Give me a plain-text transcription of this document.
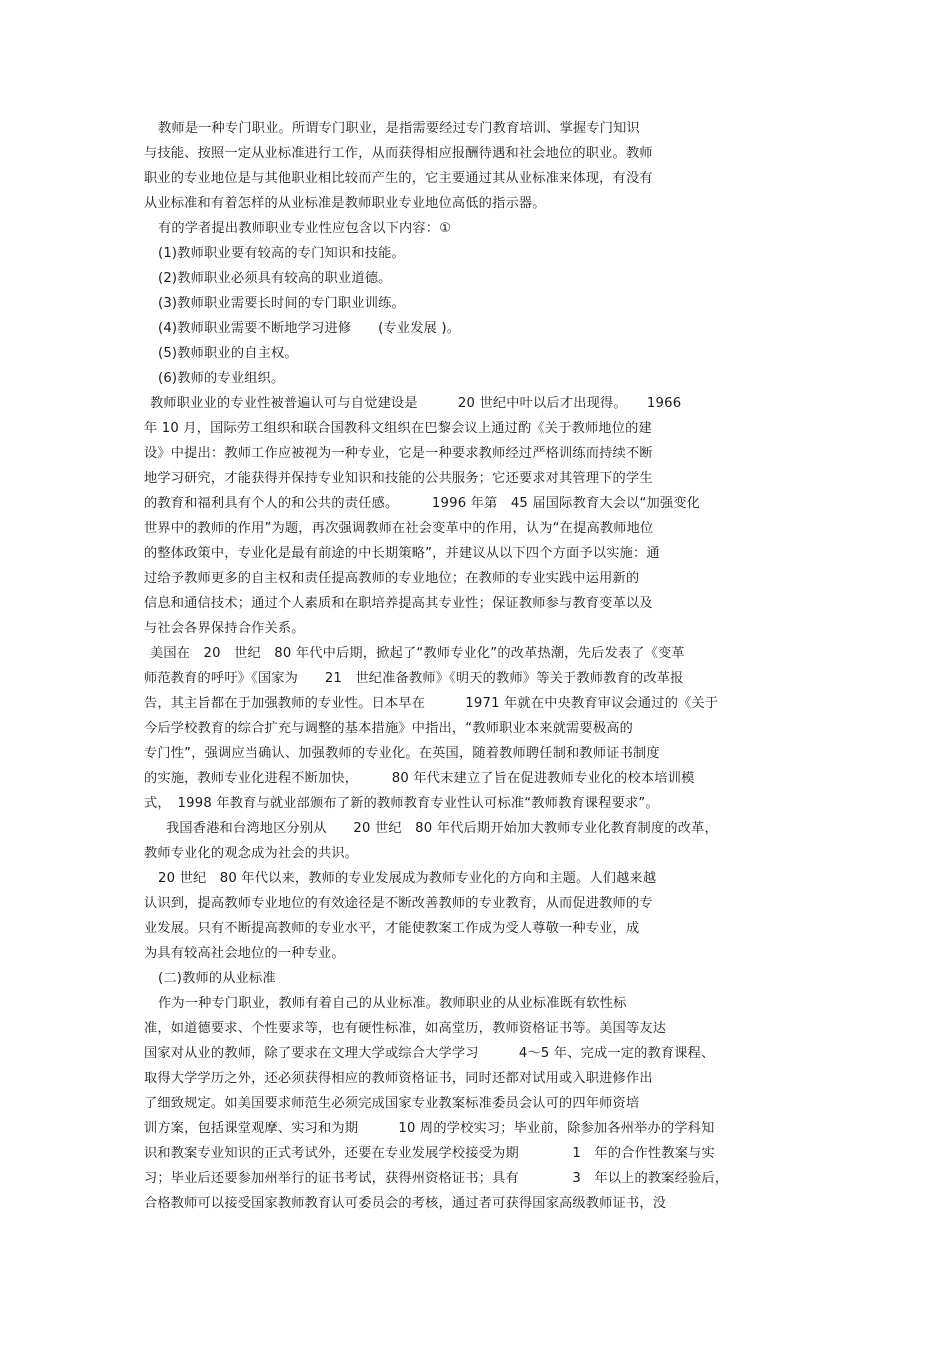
教师是一种专门职业。所谓专门职业，是指需要经过专门教育培训、掌握专门知识
与技能、按照一定从业标准进行工作，从而获得相应报酬待遇和社会地位的职业。教师
职业的专业地位是与其他职业相比较而产生的，它主要通过其从业标准来体现，有没有
从业标准和有着怎样的从业标准是教师职业专业地位高低的指示器。
有的学者提出教师职业专业性应包含以下内容：①
(1)教师职业要有较高的专门知识和技能。
(2)教师职业必须具有较高的职业道德。
(3)教师职业需要长时间的专门职业训练。
(4)教师职业需要不断地学习进修　　(专业发展 )。
(5)教师职业的自主权。
(6)教师的专业组织。
教师职业业的专业性被普遍认可与自觉建设是　　　20 世纪中叶以后才出现得。　　1966
年 10 月，国际劳工组织和联合国教科文组织在巴黎会议上通过酌《关于教师地位的建
设》中提出：教师工作应被视为一种专业，它是一种要求教师经过严格训练而持续不断
地学习研究，才能获得并保持专业知识和技能的公共服务；它还要求对其管理下的学生
的教育和福利具有个人的和公共的责任感。　　　1996 年第　45 届国际教育大会以“加强变化
世界中的教师的作用”为题，再次强调教师在社会变革中的作用，认为“在提高教师地位
的整体政策中，专业化是最有前途的中长期策略”，并建议从以下四个方面予以实施：通
过给予教师更多的自主权和责任提高教师的专业地位；在教师的专业实践中运用新的
信息和通信技术；通过个人素质和在职培养提高其专业性；保证教师参与教育变革以及
与社会各界保持合作关系。
美国在　20　世纪　80 年代中后期，掀起了“教师专业化”的改革热潮，先后发表了《变革
师范教育的呼吁》《国家为　　21　世纪准备教师》《明天的教师》等关于教师教育的改革报
告，其主旨都在于加强教师的专业性。日本早在　　　1971 年就在中央教育审议会通过的《关于
今后学校教育的综合扩充与调整的基本措施》中指出，“教师职业本来就需要极高的
专门性”，强调应当确认、加强教师的专业化。在英国，随着教师聘任制和教师证书制度
的实施，教师专业化进程不断加快，　　　80 年代末建立了旨在促进教师专业化的校本培训模
式，　1998 年教育与就业部颁布了新的教师教育专业性认可标准“教师教育课程要求”。
我国香港和台湾地区分别从　　20 世纪　80 年代后期开始加大教师专业化教育制度的改革，
教师专业化的观念成为社会的共识。
20 世纪　80 年代以来，教师的专业发展成为教师专业化的方向和主题。人们越来越
认识到，提高教师专业地位的有效途径是不断改善教师的专业教育，从而促进教师的专
业发展。只有不断提高教师的专业水平，才能使教案工作成为受人尊敬一种专业，成
为具有较高社会地位的一种专业。
(二)教师的从业标准
作为一种专门职业，教师有着自己的从业标准。教师职业的从业标准既有软性标
准，如道德要求、个性要求等，也有硬性标准，如高堂历，教师资格证书等。美国等友达
国家对从业的教师，除了要求在文理大学或综合大学学习　　　4～5 年、完成一定的教育课程、
取得大学学历之外，还必须获得相应的教师资格证书，同时还都对试用或入职进修作出
了细致规定。如美国要求师范生必须完成国家专业教案标准委员会认可的四年师资培
训方案，包括课堂观摩、实习和为期　　　10 周的学校实习；毕业前，除参加各州举办的学科知
识和教案专业知识的正式考试外，还要在专业发展学校接受为期　　　　1　年的合作性教案与实
习；毕业后还要参加州举行的证书考试，获得州资格证书；具有　　　　3　年以上的教案经验后，
合格教师可以接受国家教师教育认可委员会的考核，通过者可获得国家高级教师证书，没
